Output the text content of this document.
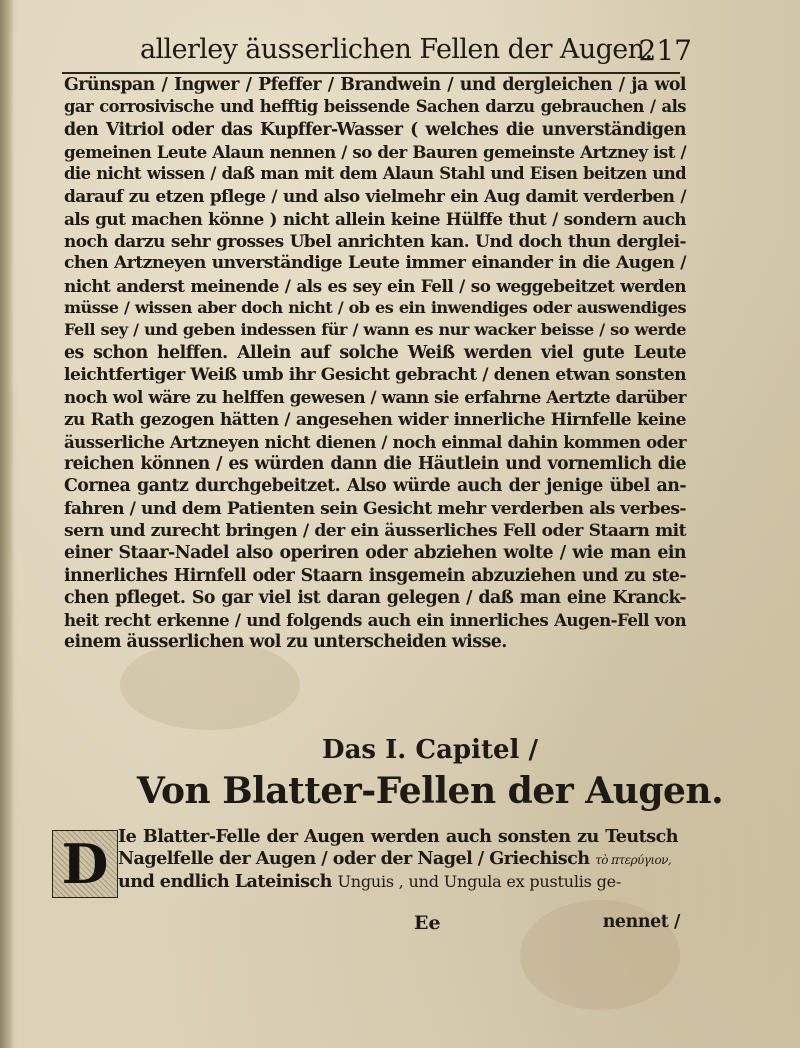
allerley äusserlichen Fellen der Augen.
217
Grünspan / Ingwer / Pfeffer / Brandwein / und dergleichen / ja wol
gar corrosivische und hefftig beissende Sachen darzu gebrauchen / als
den Vitriol oder das Kupffer-Wasser ( welches die unverständigen
gemeinen Leute Alaun nennen / so der Bauren gemeinste Artzney ist /
die nicht wissen / daß man mit dem Alaun Stahl und Eisen beitzen und
darauf zu etzen pflege / und also vielmehr ein Aug damit verderben /
als gut machen könne ) nicht allein keine Hülffe thut / sondern auch
noch darzu sehr grosses Ubel anrichten kan. Und doch thun derglei-
chen Artzneyen unverständige Leute immer einander in die Augen /
nicht anderst meinende / als es sey ein Fell / so weggebeitzet werden
müsse / wissen aber doch nicht / ob es ein inwendiges oder auswendiges
Fell sey / und geben indessen für / wann es nur wacker beisse / so werde
es schon helffen. Allein auf solche Weiß werden viel gute Leute
leichtfertiger Weiß umb ihr Gesicht gebracht / denen etwan sonsten
noch wol wäre zu helffen gewesen / wann sie erfahrne Aertzte darüber
zu Rath gezogen hätten / angesehen wider innerliche Hirnfelle keine
äusserliche Artzneyen nicht dienen / noch einmal dahin kommen oder
reichen können / es würden dann die Häutlein und vornemlich die
Cornea gantz durchgebeitzet. Also würde auch der jenige übel an-
fahren / und dem Patienten sein Gesicht mehr verderben als verbes-
sern und zurecht bringen / der ein äusserliches Fell oder Staarn mit
einer Staar-Nadel also operiren oder abziehen wolte / wie man ein
innerliches Hirnfell oder Staarn insgemein abzuziehen und zu ste-
chen pfleget. So gar viel ist daran gelegen / daß man eine Kranck-
heit recht erkenne / und folgends auch ein innerliches Augen-Fell von
einem äusserlichen wol zu unterscheiden wisse.
Das I. Capitel /
Von Blatter-Fellen der Augen.
D Ie Blatter-Felle der Augen werden auch sonsten zu Teutsch
Nagelfelle der Augen / oder der Nagel / Griechisch τὸ πτερύγιον,
und endlich Lateinisch Unguis , und Ungula ex pustulis ge-
Ee	nennet /
